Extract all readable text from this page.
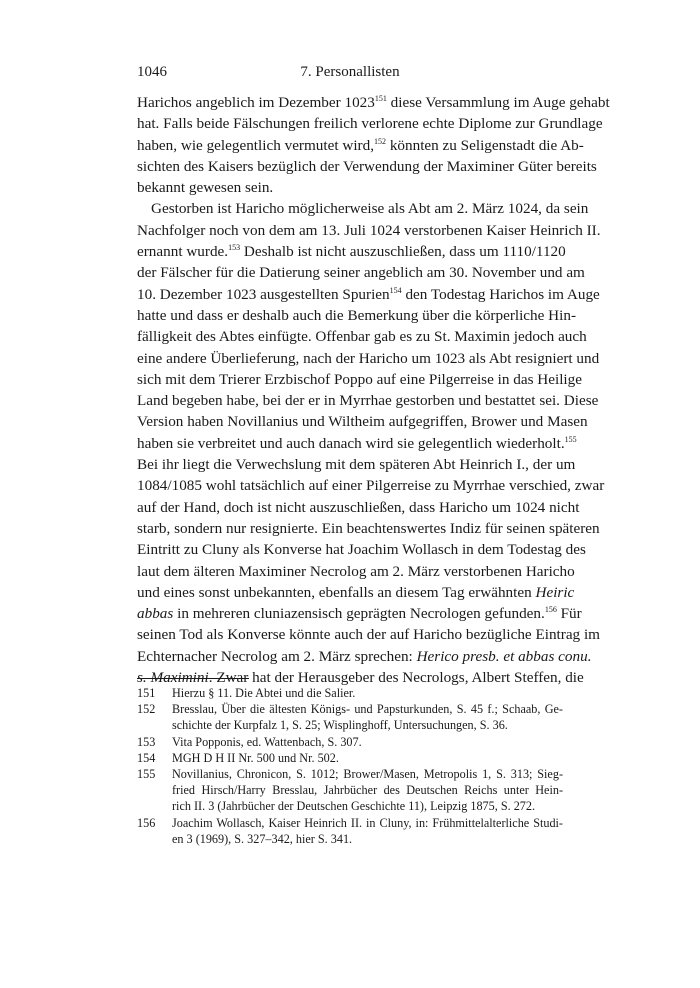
1046	7. Personallisten
Harichos angeblich im Dezember 1023$^{151}$ diese Versammlung im Auge gehabt
hat. Falls beide Fälschungen freilich verlorene echte Diplome zur Grundlage
haben, wie gelegentlich vermutet wird,$^{152}$ könnten zu Seligenstadt die Ab-
sichten des Kaisers bezüglich der Verwendung der Maximiner Güter bereits
bekannt gewesen sein.
Gestorben ist Haricho möglicherweise als Abt am 2. März 1024, da sein
Nachfolger noch von dem am 13. Juli 1024 verstorbenen Kaiser Heinrich II.
ernannt wurde.$^{153}$ Deshalb ist nicht auszuschließen, dass um 1110/1120
der Fälscher für die Datierung seiner angeblich am 30. November und am
10. Dezember 1023 ausgestellten Spurien$^{154}$ den Todestag Harichos im Auge
hatte und dass er deshalb auch die Bemerkung über die körperliche Hin-
fälligkeit des Abtes einfügte. Offenbar gab es zu St. Maximin jedoch auch
eine andere Überlieferung, nach der Haricho um 1023 als Abt resigniert und
sich mit dem Trierer Erzbischof Poppo auf eine Pilgerreise in das Heilige
Land begeben habe, bei der er in Myrrhae gestorben und bestattet sei. Diese
Version haben Novillanius und Wiltheim aufgegriffen, Brower und Masen
haben sie verbreitet und auch danach wird sie gelegentlich wiederholt.$^{155}$
Bei ihr liegt die Verwechslung mit dem späteren Abt Heinrich I., der um
1084/1085 wohl tatsächlich auf einer Pilgerreise zu Myrrhae verschied, zwar
auf der Hand, doch ist nicht auszuschließen, dass Haricho um 1024 nicht
starb, sondern nur resignierte. Ein beachtenswertes Indiz für seinen späteren
Eintritt zu Cluny als Konverse hat Joachim Wollasch in dem Todestag des
laut dem älteren Maximiner Necrolog am 2. März verstorbenen Haricho
und eines sonst unbekannten, ebenfalls an diesem Tag erwähnten Heiric
abbas in mehreren cluniazensisch geprägten Necrologen gefunden.$^{156}$ Für
seinen Tod als Konverse könnte auch der auf Haricho bezügliche Eintrag im
Echternacher Necrolog am 2. März sprechen: Herico presb. et abbas conu.
s. Maximini. Zwar hat der Herausgeber des Necrologs, Albert Steffen, die
151 Hierzu § 11. Die Abtei und die Salier.
152 Bresslau, Über die ältesten Königs- und Papsturkunden, S. 45 f.; Schaab, Ge-
schichte der Kurpfalz 1, S. 25; Wisplinghoff, Untersuchungen, S. 36.
153 Vita Popponis, ed. Wattenbach, S. 307.
154 MGH D H II Nr. 500 und Nr. 502.
155 Novillanius, Chronicon, S. 1012; Brower/Masen, Metropolis 1, S. 313; Sieg-
fried Hirsch/Harry Bresslau, Jahrbücher des Deutschen Reichs unter Hein-
rich II. 3 (Jahrbücher der Deutschen Geschichte 11), Leipzig 1875, S. 272.
156 Joachim Wollasch, Kaiser Heinrich II. in Cluny, in: Frühmittelalterliche Studi-
en 3 (1969), S. 327–342, hier S. 341.
